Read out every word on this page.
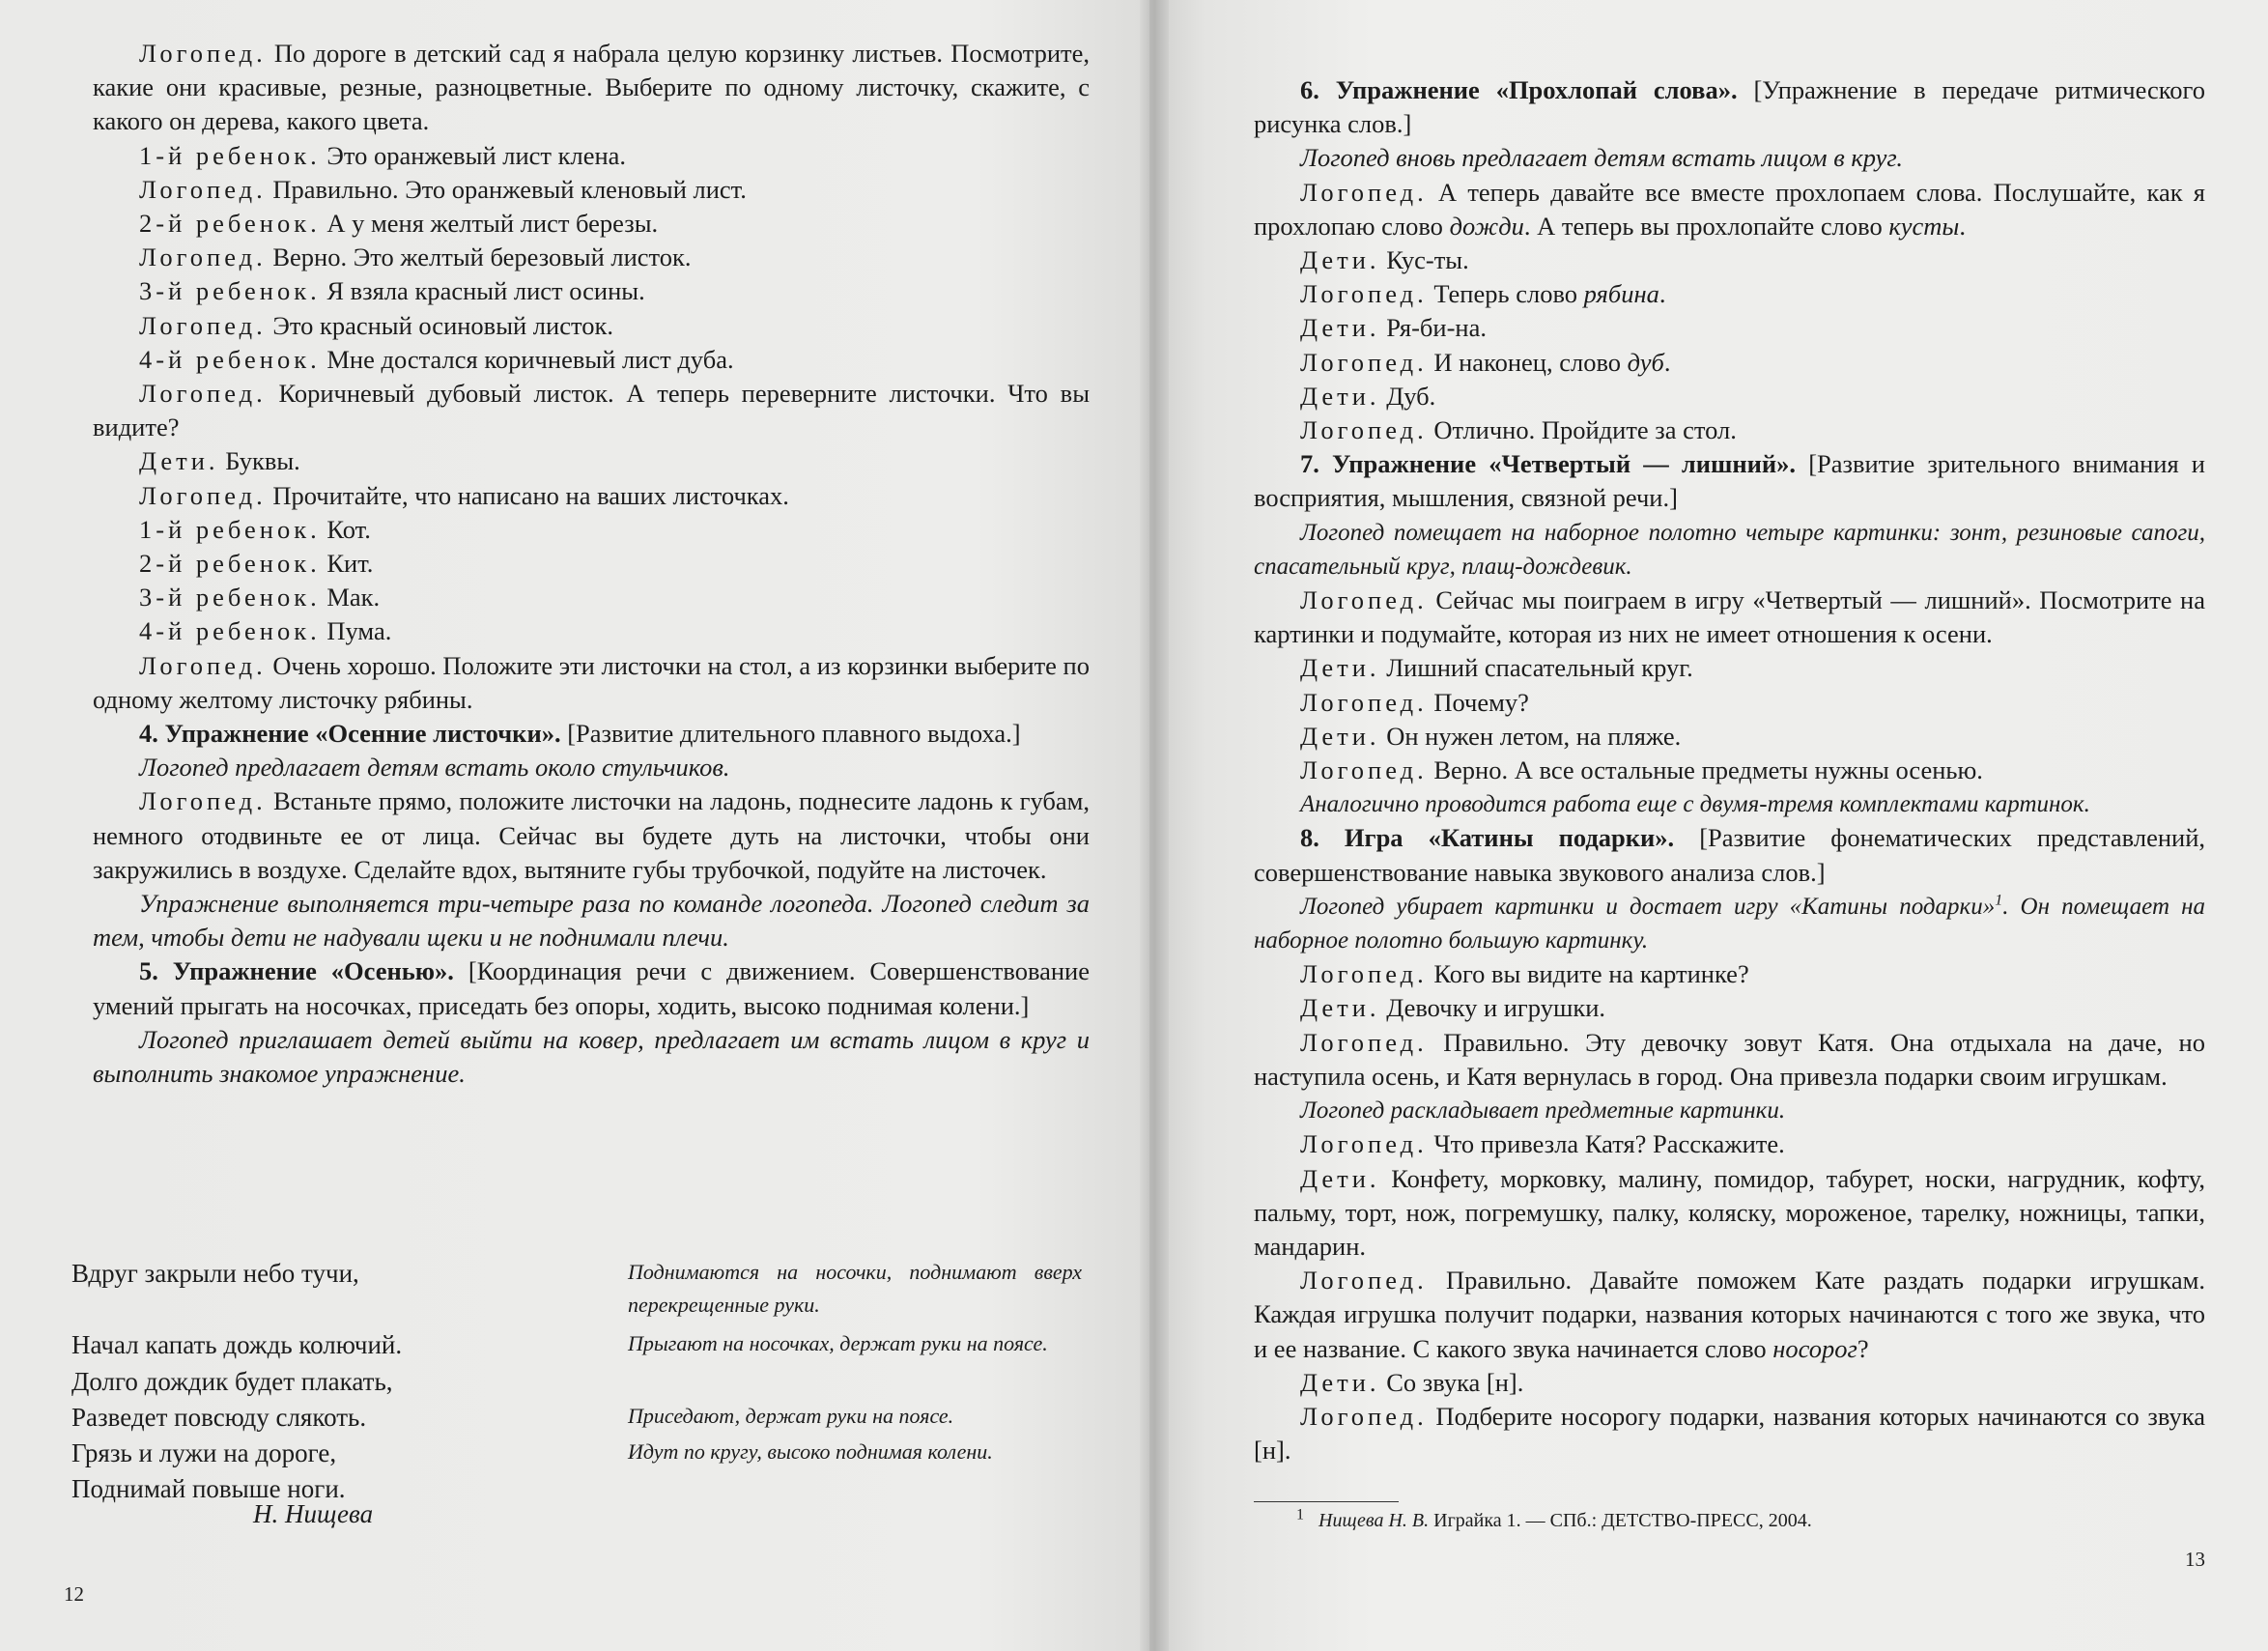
Логопед. По дороге в детский сад я набрала целую корзинку листьев. Посмотрите, какие они красивые, резные, разноцветные. Выберите по одному листочку, скажите, с какого он дерева, какого цвета.

1-й ребенок. Это оранжевый лист клена.

Логопед. Правильно. Это оранжевый кленовый лист.

2-й ребенок. А у меня желтый лист березы.

Логопед. Верно. Это желтый березовый листок.

3-й ребенок. Я взяла красный лист осины.

Логопед. Это красный осиновый листок.

4-й ребенок. Мне достался коричневый лист дуба.

Логопед. Коричневый дубовый листок. А теперь переверните листочки. Что вы видите?

Дети. Буквы.

Логопед. Прочитайте, что написано на ваших листочках.

1-й ребенок. Кот.

2-й ребенок. Кит.

3-й ребенок. Мак.

4-й ребенок. Пума.

Логопед. Очень хорошо. Положите эти листочки на стол, а из корзинки выберите по одному желтому листочку рябины.

4. Упражнение «Осенние листочки». [Развитие длительного плавного выдоха.]

Логопед предлагает детям встать около стульчиков.

Логопед. Встаньте прямо, положите листочки на ладонь, поднесите ладонь к губам, немного отодвиньте ее от лица. Сейчас вы будете дуть на листочки, чтобы они закружились в воздухе. Сделайте вдох, вытяните губы трубочкой, подуйте на листочек.

Упражнение выполняется три-четыре раза по команде логопеда. Логопед следит за тем, чтобы дети не надували щеки и не поднимали плечи.

5. Упражнение «Осенью». [Координация речи с движением. Совершенствование умений прыгать на носочках, приседать без опоры, ходить, высоко поднимая колени.]

Логопед приглашает детей выйти на ковер, предлагает им встать лицом в круг и выполнить знакомое упражнение.

Вдруг закрыли небо тучи,	Поднимаются на носочки, поднимают вверх перекрещенные руки.
Начал капать дождь колючий.	Прыгают на носочках, держат руки на поясе.
Долго дождик будет плакать,
Разведет повсюду слякоть.	Приседают, держат руки на поясе.
Грязь и лужи на дороге,	Идут по кругу, высоко поднимая колени.
Поднимай повыше ноги.
Н. Нищева
12

6. Упражнение «Прохлопай слова». [Упражнение в передаче ритмического рисунка слов.]

Логопед вновь предлагает детям встать лицом в круг.

Логопед. А теперь давайте все вместе прохлопаем слова. Послушайте, как я прохлопаю слово дожди. А теперь вы прохлопайте слово кусты.

Дети. Кус-ты.

Логопед. Теперь слово рябина.

Дети. Ря-би-на.

Логопед. И наконец, слово дуб.

Дети. Дуб.

Логопед. Отлично. Пройдите за стол.

7. Упражнение «Четвертый — лишний». [Развитие зрительного внимания и восприятия, мышления, связной речи.]

Логопед помещает на наборное полотно четыре картинки: зонт, резиновые сапоги, спасательный круг, плащ-дождевик.

Логопед. Сейчас мы поиграем в игру «Четвертый — лишний». Посмотрите на картинки и подумайте, которая из них не имеет отношения к осени.

Дети. Лишний спасательный круг.

Логопед. Почему?

Дети. Он нужен летом, на пляже.

Логопед. Верно. А все остальные предметы нужны осенью.

Аналогично проводится работа еще с двумя-тремя комплектами картинок.

8. Игра «Катины подарки». [Развитие фонематических представлений, совершенствование навыка звукового анализа слов.]

Логопед убирает картинки и достает игру «Катины подарки»$^1$. Он помещает на наборное полотно большую картинку.

Логопед. Кого вы видите на картинке?

Дети. Девочку и игрушки.

Логопед. Правильно. Эту девочку зовут Катя. Она отдыхала на даче, но наступила осень, и Катя вернулась в город. Она привезла подарки своим игрушкам.

Логопед раскладывает предметные картинки.

Логопед. Что привезла Катя? Расскажите.

Дети. Конфету, морковку, малину, помидор, табурет, носки, нагрудник, кофту, пальму, торт, нож, погремушку, палку, коляску, мороженое, тарелку, ножницы, тапки, мандарин.

Логопед. Правильно. Давайте поможем Кате раздать подарки игрушкам. Каждая игрушка получит подарки, названия которых начинаются с того же звука, что и ее название. С какого звука начинается слово носорог?

Дети. Со звука [н].

Логопед. Подберите носорогу подарки, названия которых начинаются со звука [н].

$^1$ Нищева Н. В. Играйка 1. — СПб.: ДЕТСТВО-ПРЕСС, 2004.
13
